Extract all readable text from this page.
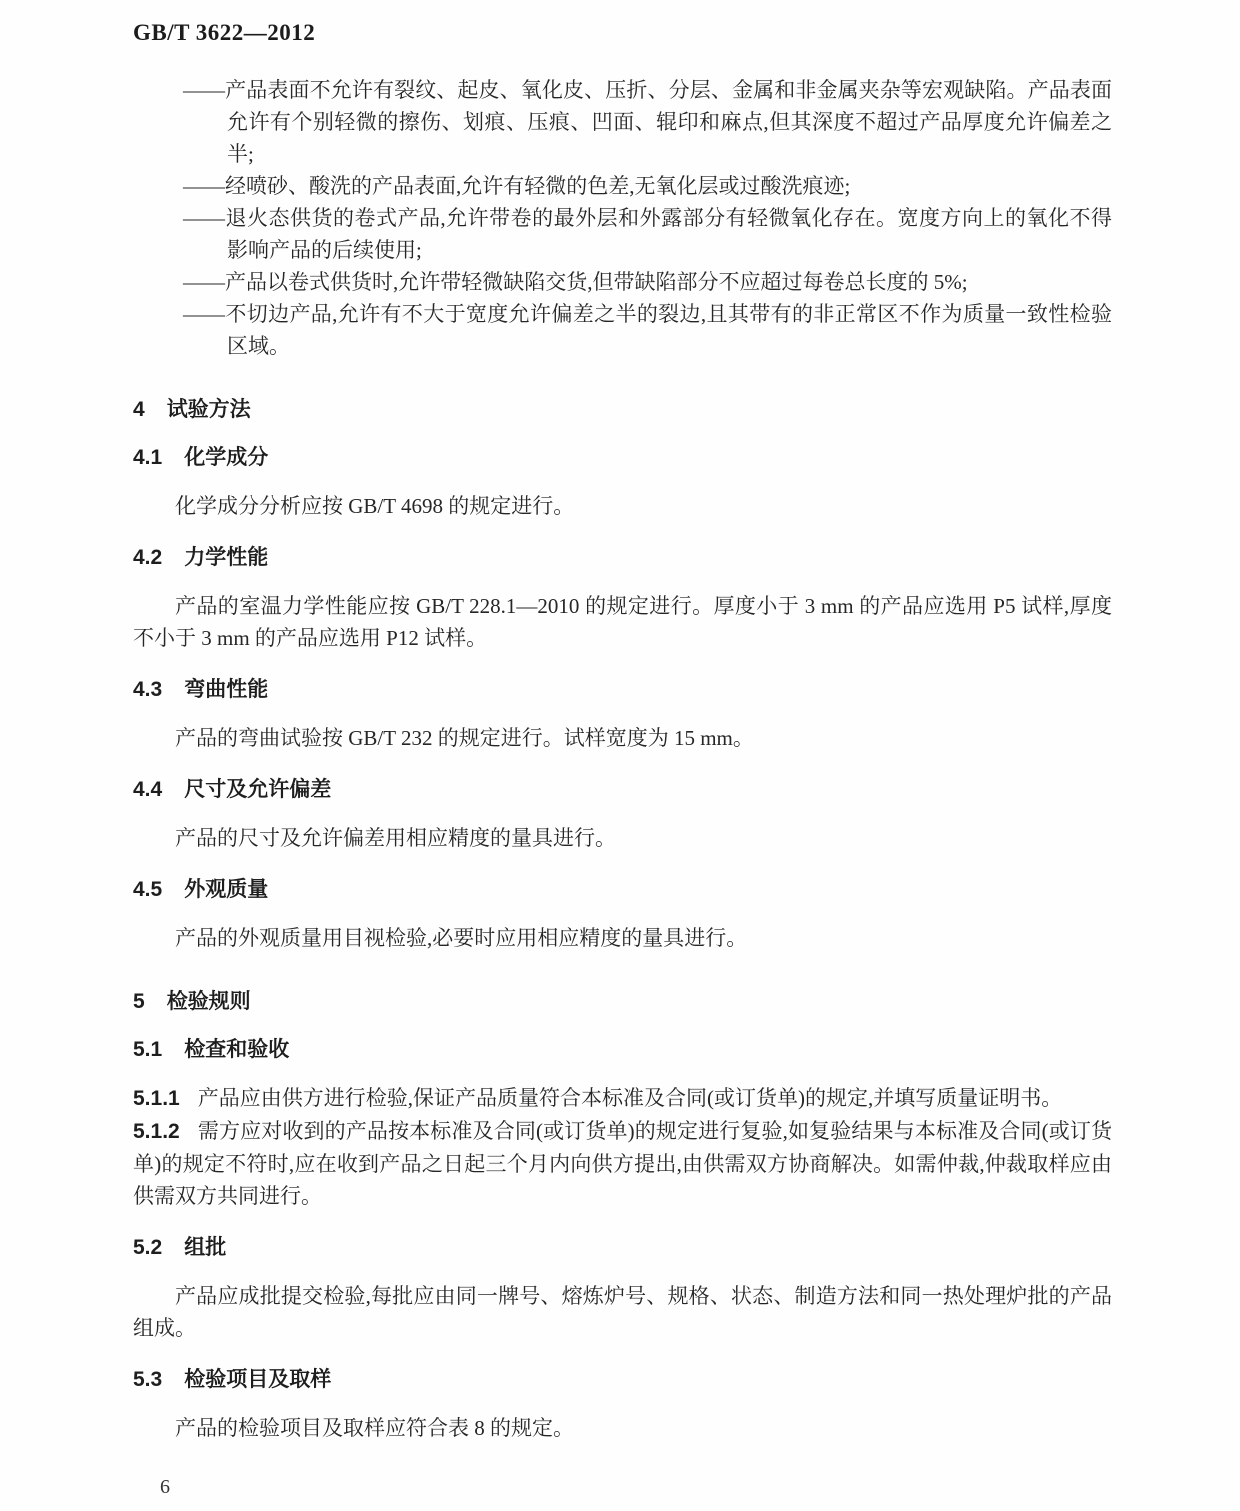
GB/T 3622—2012

——产品表面不允许有裂纹、起皮、氧化皮、压折、分层、金属和非金属夹杂等宏观缺陷。产品表面允许有个别轻微的擦伤、划痕、压痕、凹面、辊印和麻点,但其深度不超过产品厚度允许偏差之半;

——经喷砂、酸洗的产品表面,允许有轻微的色差,无氧化层或过酸洗痕迹;

——退火态供货的卷式产品,允许带卷的最外层和外露部分有轻微氧化存在。宽度方向上的氧化不得影响产品的后续使用;

——产品以卷式供货时,允许带轻微缺陷交货,但带缺陷部分不应超过每卷总长度的 5%;

——不切边产品,允许有不大于宽度允许偏差之半的裂边,且其带有的非正常区不作为质量一致性检验区域。

4 试验方法
4.1 化学成分

化学成分分析应按 GB/T 4698 的规定进行。

4.2 力学性能

产品的室温力学性能应按 GB/T 228.1—2010 的规定进行。厚度小于 3 mm 的产品应选用 P5 试样,厚度不小于 3 mm 的产品应选用 P12 试样。

4.3 弯曲性能

产品的弯曲试验按 GB/T 232 的规定进行。试样宽度为 15 mm。

4.4 尺寸及允许偏差

产品的尺寸及允许偏差用相应精度的量具进行。

4.5 外观质量

产品的外观质量用目视检验,必要时应用相应精度的量具进行。

5 检验规则
5.1 检查和验收

5.1.1 产品应由供方进行检验,保证产品质量符合本标准及合同(或订货单)的规定,并填写质量证明书。

5.1.2 需方应对收到的产品按本标准及合同(或订货单)的规定进行复验,如复验结果与本标准及合同(或订货单)的规定不符时,应在收到产品之日起三个月内向供方提出,由供需双方协商解决。如需仲裁,仲裁取样应由供需双方共同进行。

5.2 组批

产品应成批提交检验,每批应由同一牌号、熔炼炉号、规格、状态、制造方法和同一热处理炉批的产品组成。

5.3 检验项目及取样

产品的检验项目及取样应符合表 8 的规定。

6
